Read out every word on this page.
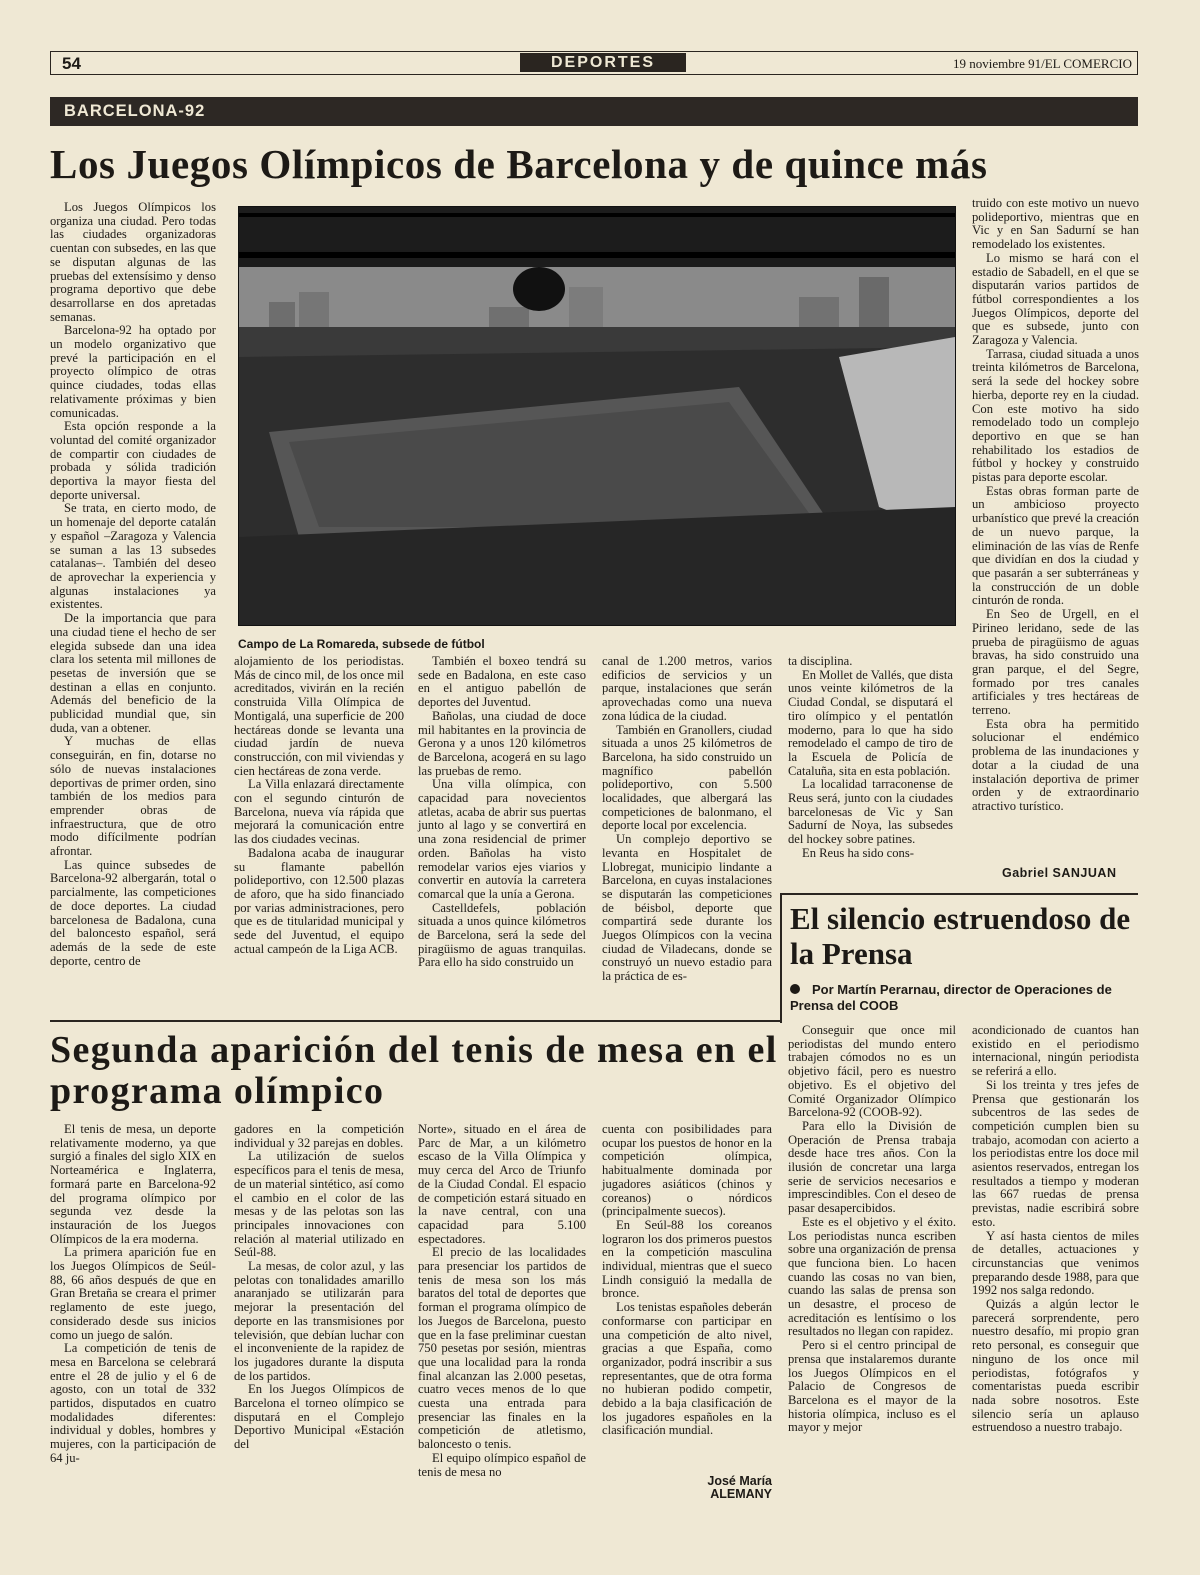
54	DEPORTES	19 noviembre 91/EL COMERCIO
BARCELONA-92
Los Juegos Olímpicos de Barcelona y de quince más

Los Juegos Olímpicos los organiza una ciudad. Pero todas las ciudades organizadoras cuentan con subsedes, en las que se disputan algunas de las pruebas del extensísimo y denso programa deportivo que debe desarrollarse en dos apretadas semanas.

Barcelona-92 ha optado por un modelo organizativo que prevé la participación en el proyecto olímpico de otras quince ciudades, todas ellas relativamente próximas y bien comunicadas.

Esta opción responde a la voluntad del comité organizador de compartir con ciudades de probada y sólida tradición deportiva la mayor fiesta del deporte universal.

Se trata, en cierto modo, de un homenaje del deporte catalán y español –Zaragoza y Valencia se suman a las 13 subsedes catalanas–. También del deseo de aprovechar la experiencia y algunas instalaciones ya existentes.

De la importancia que para una ciudad tiene el hecho de ser elegida subsede dan una idea clara los setenta mil millones de pesetas de inversión que se destinan a ellas en conjunto. Además del beneficio de la publicidad mundial que, sin duda, van a obtener.

Y muchas de ellas conseguirán, en fin, dotarse no sólo de nuevas instalaciones deportivas de primer orden, sino también de los medios para emprender obras de infraestructura, que de otro modo difícilmente podrían afrontar.

Las quince subsedes de Barcelona-92 albergarán, total o parcialmente, las competiciones de doce deportes. La ciudad barcelonesa de Badalona, cuna del baloncesto español, será además de la sede de este deporte, centro de

Campo de La Romareda, subsede de fútbol

alojamiento de los periodistas. Más de cinco mil, de los once mil acreditados, vivirán en la recién construida Villa Olímpica de Montigalá, una superficie de 200 hectáreas donde se levanta una ciudad jardín de nueva construcción, con mil viviendas y cien hectáreas de zona verde.

La Villa enlazará directamente con el segundo cinturón de Barcelona, nueva vía rápida que mejorará la comunicación entre las dos ciudades vecinas.

Badalona acaba de inaugurar su flamante pabellón polideportivo, con 12.500 plazas de aforo, que ha sido financiado por varias administraciones, pero que es de titularidad municipal y sede del Juventud, el equipo actual campeón de la Liga ACB.

También el boxeo tendrá su sede en Badalona, en este caso en el antiguo pabellón de deportes del Juventud.

Bañolas, una ciudad de doce mil habitantes en la provincia de Gerona y a unos 120 kilómetros de Barcelona, acogerá en su lago las pruebas de remo.

Una villa olímpica, con capacidad para novecientos atletas, acaba de abrir sus puertas junto al lago y se convertirá en una zona residencial de primer orden. Bañolas ha visto remodelar varios ejes viarios y convertir en autovía la carretera comarcal que la unía a Gerona.

Castelldefels, población situada a unos quince kilómetros de Barcelona, será la sede del piragüismo de aguas tranquilas. Para ello ha sido construido un

canal de 1.200 metros, varios edificios de servicios y un parque, instalaciones que serán aprovechadas como una nueva zona lúdica de la ciudad.

También en Granollers, ciudad situada a unos 25 kilómetros de Barcelona, ha sido construido un magnífico pabellón polideportivo, con 5.500 localidades, que albergará las competiciones de balonmano, el deporte local por excelencia.

Un complejo deportivo se levanta en Hospitalet de Llobregat, municipio lindante a Barcelona, en cuyas instalaciones se disputarán las competiciones de béisbol, deporte que compartirá sede durante los Juegos Olímpicos con la vecina ciudad de Viladecans, donde se construyó un nuevo estadio para la práctica de es-

ta disciplina.

En Mollet de Vallés, que dista unos veinte kilómetros de la Ciudad Condal, se disputará el tiro olímpico y el pentatlón moderno, para lo que ha sido remodelado el campo de tiro de la Escuela de Policía de Cataluña, sita en esta población.

La localidad tarraconense de Reus será, junto con la ciudades barcelonesas de Vic y San Sadurní de Noya, las subsedes del hockey sobre patines.

En Reus ha sido cons-

truido con este motivo un nuevo polideportivo, mientras que en Vic y en San Sadurní se han remodelado los existentes.

Lo mismo se hará con el estadio de Sabadell, en el que se disputarán varios partidos de fútbol correspondientes a los Juegos Olímpicos, deporte del que es subsede, junto con Zaragoza y Valencia.

Tarrasa, ciudad situada a unos treinta kilómetros de Barcelona, será la sede del hockey sobre hierba, deporte rey en la ciudad. Con este motivo ha sido remodelado todo un complejo deportivo en que se han rehabilitado los estadios de fútbol y hockey y construido pistas para deporte escolar.

Estas obras forman parte de un ambicioso proyecto urbanístico que prevé la creación de un nuevo parque, la eliminación de las vías de Renfe que dividían en dos la ciudad y que pasarán a ser subterráneas y la construcción de un doble cinturón de ronda.

En Seo de Urgell, en el Pirineo leridano, sede de las prueba de piragüismo de aguas bravas, ha sido construido una gran parque, el del Segre, formado por tres canales artificiales y tres hectáreas de terreno.

Esta obra ha permitido solucionar el endémico problema de las inundaciones y dotar a la ciudad de una instalación deportiva de primer orden y de extraordinario atractivo turístico.

Gabriel SANJUAN
El silencio estruendoso de la Prensa
Por Martín Perarnau, director de Operaciones de Prensa del COOB

Conseguir que once mil periodistas del mundo entero trabajen cómodos no es un objetivo fácil, pero es nuestro objetivo. Es el objetivo del Comité Organizador Olímpico Barcelona-92 (COOB-92).

Para ello la División de Operación de Prensa trabaja desde hace tres años. Con la ilusión de concretar una larga serie de servicios necesarios e imprescindibles. Con el deseo de pasar desapercibidos.

Este es el objetivo y el éxito. Los periodistas nunca escriben sobre una organización de prensa que funciona bien. Lo hacen cuando las cosas no van bien, cuando las salas de prensa son un desastre, el proceso de acreditación es lentísimo o los resultados no llegan con rapidez.

Pero si el centro principal de prensa que instalaremos durante los Juegos Olímpicos en el Palacio de Congresos de Barcelona es el mayor de la historia olímpica, incluso es el mayor y mejor

acondicionado de cuantos han existido en el periodismo internacional, ningún periodista se referirá a ello.

Si los treinta y tres jefes de Prensa que gestionarán los subcentros de las sedes de competición cumplen bien su trabajo, acomodan con acierto a los periodistas entre los doce mil asientos reservados, entregan los resultados a tiempo y moderan las 667 ruedas de prensa previstas, nadie escribirá sobre esto.

Y así hasta cientos de miles de detalles, actuaciones y circunstancias que venimos preparando desde 1988, para que 1992 nos salga redondo.

Quizás a algún lector le parecerá sorprendente, pero nuestro desafío, mi propio gran reto personal, es conseguir que ninguno de los once mil periodistas, fotógrafos y comentaristas pueda escribir nada sobre nosotros. Este silencio sería un aplauso estruendoso a nuestro trabajo.

Segunda aparición del tenis de mesa en el programa olímpico

El tenis de mesa, un deporte relativamente moderno, ya que surgió a finales del siglo XIX en Norteamérica e Inglaterra, formará parte en Barcelona-92 del programa olímpico por segunda vez desde la instauración de los Juegos Olímpicos de la era moderna.

La primera aparición fue en los Juegos Olímpicos de Seúl-88, 66 años después de que en Gran Bretaña se creara el primer reglamento de este juego, considerado desde sus inicios como un juego de salón.

La competición de tenis de mesa en Barcelona se celebrará entre el 28 de julio y el 6 de agosto, con un total de 332 partidos, disputados en cuatro modalidades diferentes: individual y dobles, hombres y mujeres, con la participación de 64 ju-

gadores en la competición individual y 32 parejas en dobles.

La utilización de suelos específicos para el tenis de mesa, de un material sintético, así como el cambio en el color de las mesas y de las pelotas son las principales innovaciones con relación al material utilizado en Seúl-88.

La mesas, de color azul, y las pelotas con tonalidades amarillo anaranjado se utilizarán para mejorar la presentación del deporte en las transmisiones por televisión, que debían luchar con el inconveniente de la rapidez de los jugadores durante la disputa de los partidos.

En los Juegos Olímpicos de Barcelona el torneo olímpico se disputará en el Complejo Deportivo Municipal «Estación del

Norte», situado en el área de Parc de Mar, a un kilómetro escaso de la Villa Olímpica y muy cerca del Arco de Triunfo de la Ciudad Condal. El espacio de competición estará situado en la nave central, con una capacidad para 5.100 espectadores.

El precio de las localidades para presenciar los partidos de tenis de mesa son los más baratos del total de deportes que forman el programa olímpico de los Juegos de Barcelona, puesto que en la fase preliminar cuestan 750 pesetas por sesión, mientras que una localidad para la ronda final alcanzan las 2.000 pesetas, cuatro veces menos de lo que cuesta una entrada para presenciar las finales en la competición de atletismo, baloncesto o tenis.

El equipo olímpico español de tenis de mesa no

cuenta con posibilidades para ocupar los puestos de honor en la competición olímpica, habitualmente dominada por jugadores asiáticos (chinos y coreanos) o nórdicos (principalmente suecos).

En Seúl-88 los coreanos lograron los dos primeros puestos en la competición masculina individual, mientras que el sueco Lindh consiguió la medalla de bronce.

Los tenistas españoles deberán conformarse con participar en una competición de alto nivel, gracias a que España, como organizador, podrá inscribir a sus representantes, que de otra forma no hubieran podido competir, debido a la baja clasificación de los jugadores españoles en la clasificación mundial.

José María
ALEMANY
